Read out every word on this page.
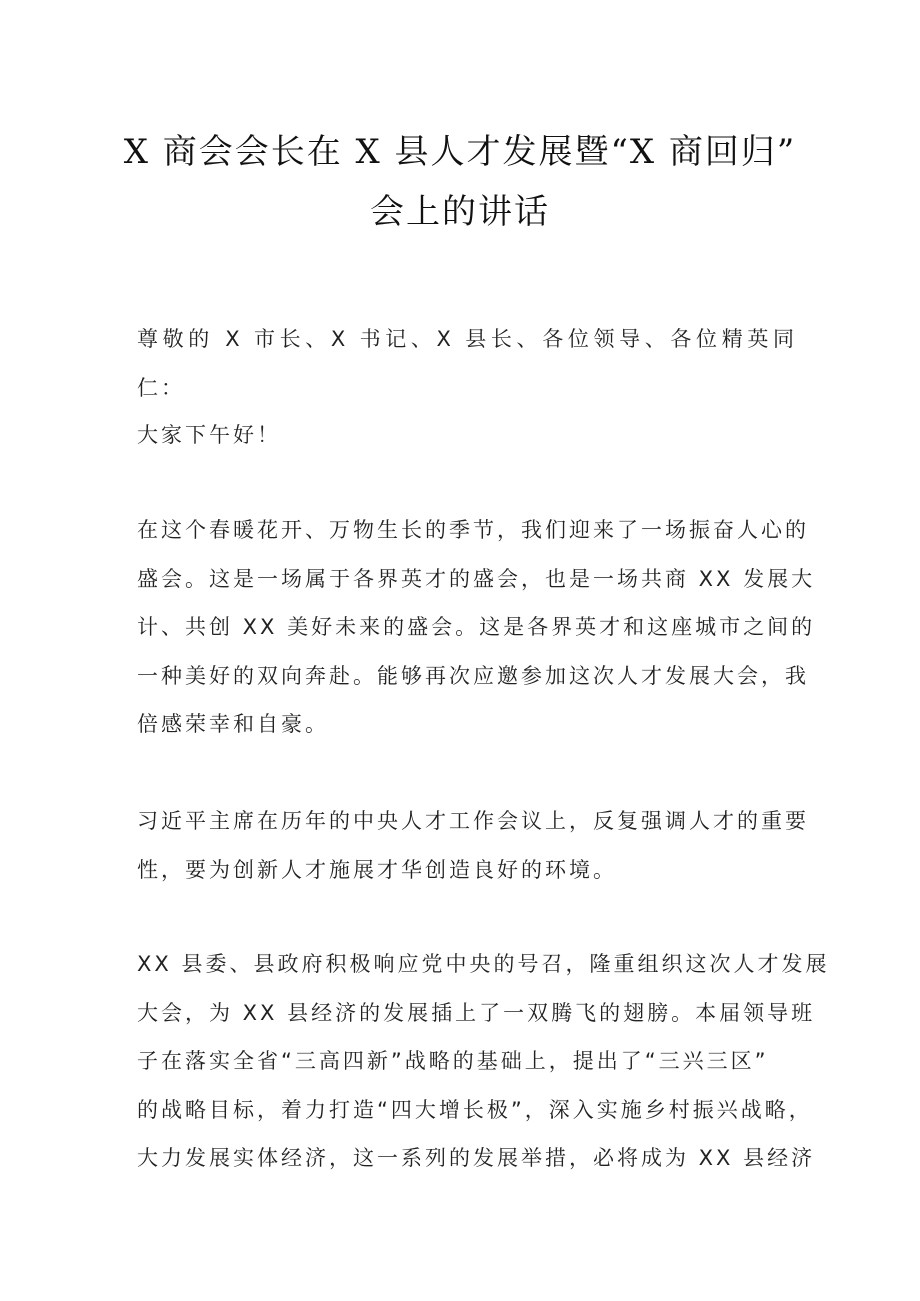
X 商会会长在 X 县人才发展暨“X 商回归”
会上的讲话

尊敬的 X 市长、X 书记、X 县长、各位领导、各位精英同仁：

大家下午好！

在这个春暖花开、万物生长的季节，我们迎来了一场振奋人心的
盛会。这是一场属于各界英才的盛会，也是一场共商 XX 发展大
计、共创 XX 美好未来的盛会。这是各界英才和这座城市之间的
一种美好的双向奔赴。能够再次应邀参加这次人才发展大会，我
倍感荣幸和自豪。
习近平主席在历年的中央人才工作会议上，反复强调人才的重要
性，要为创新人才施展才华创造良好的环境。
XX 县委、县政府积极响应党中央的号召，隆重组织这次人才发展
大会，为 XX 县经济的发展插上了一双腾飞的翅膀。本届领导班
子在落实全省“三高四新”战略的基础上，提出了“三兴三区”
的战略目标，着力打造“四大增长极”，深入实施乡村振兴战略，
大力发展实体经济，这一系列的发展举措，必将成为 XX 县经济
